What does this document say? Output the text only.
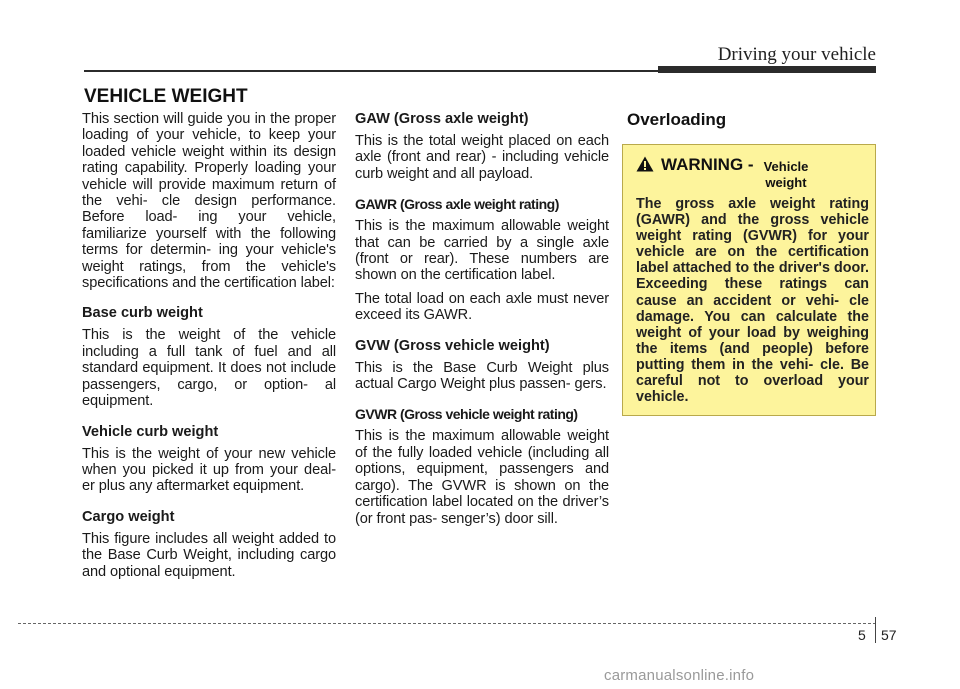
Driving your vehicle
VEHICLE WEIGHT

This section will guide you in the proper loading of your vehicle, to keep your loaded vehicle weight within its design rating capability. Properly loading your vehicle will provide maximum return of the vehi- cle design performance. Before load- ing your vehicle, familiarize yourself with the following terms for determin- ing your vehicle's weight ratings, from the vehicle's specifications and the certification label:

Base curb weight

This is the weight of the vehicle including a full tank of fuel and all standard equipment. It does not include passengers, cargo, or option- al equipment.

Vehicle curb weight

This is the weight of your new vehicle when you picked it up from your deal- er plus any aftermarket equipment.

Cargo weight

This figure includes all weight added to the Base Curb Weight, including cargo and optional equipment.

GAW (Gross axle weight)

This is the total weight placed on each axle (front and rear) - including vehicle curb weight and all payload.

GAWR (Gross axle weight rating)

This is the maximum allowable weight that can be carried by a single axle (front or rear). These numbers are shown on the certification label.

The total load on each axle must never exceed its GAWR.

GVW (Gross vehicle weight)

This is the Base Curb Weight plus actual Cargo Weight plus passen- gers.

GVWR (Gross vehicle weight rating)

This is the maximum allowable weight of the fully loaded vehicle (including all options, equipment, passengers and cargo). The GVWR is shown on the certification label located on the driver’s (or front pas- senger’s) door sill.

Overloading
WARNING - Vehicle weight
The gross axle weight rating (GAWR) and the gross vehicle weight rating (GVWR) for your vehicle are on the certification label attached to the driver's door. Exceeding these ratings can cause an accident or vehi- cle damage. You can calculate the weight of your load by weighing the items (and people) before putting them in the vehi- cle. Be careful not to overload your vehicle.
5 57
carmanualsonline.info
